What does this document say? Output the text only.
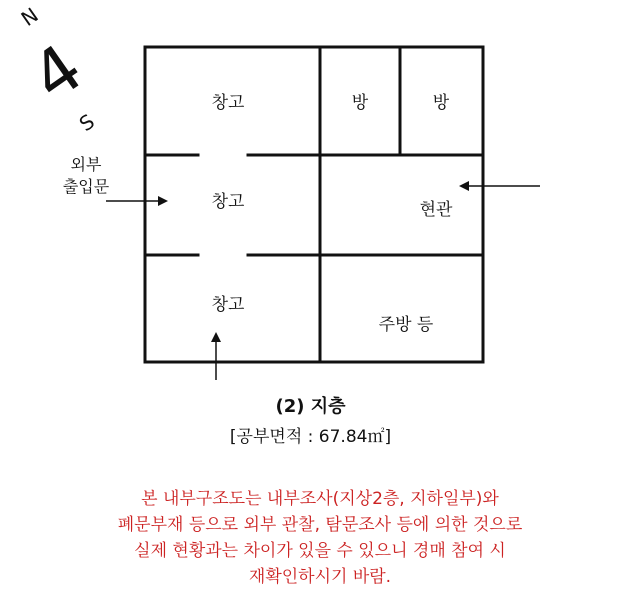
N
4
S
창고	방	방
창고	현관
창고
주방 등
외부
출입문
(2) 지층
[공부면적 : 67.84㎡]
본 내부구조도는 내부조사(지상2층, 지하일부)와
폐문부재 등으로 외부 관찰, 탐문조사 등에 의한 것으로
실제 현황과는 차이가 있을 수 있으니 경매 참여 시
재확인하시기 바람.
